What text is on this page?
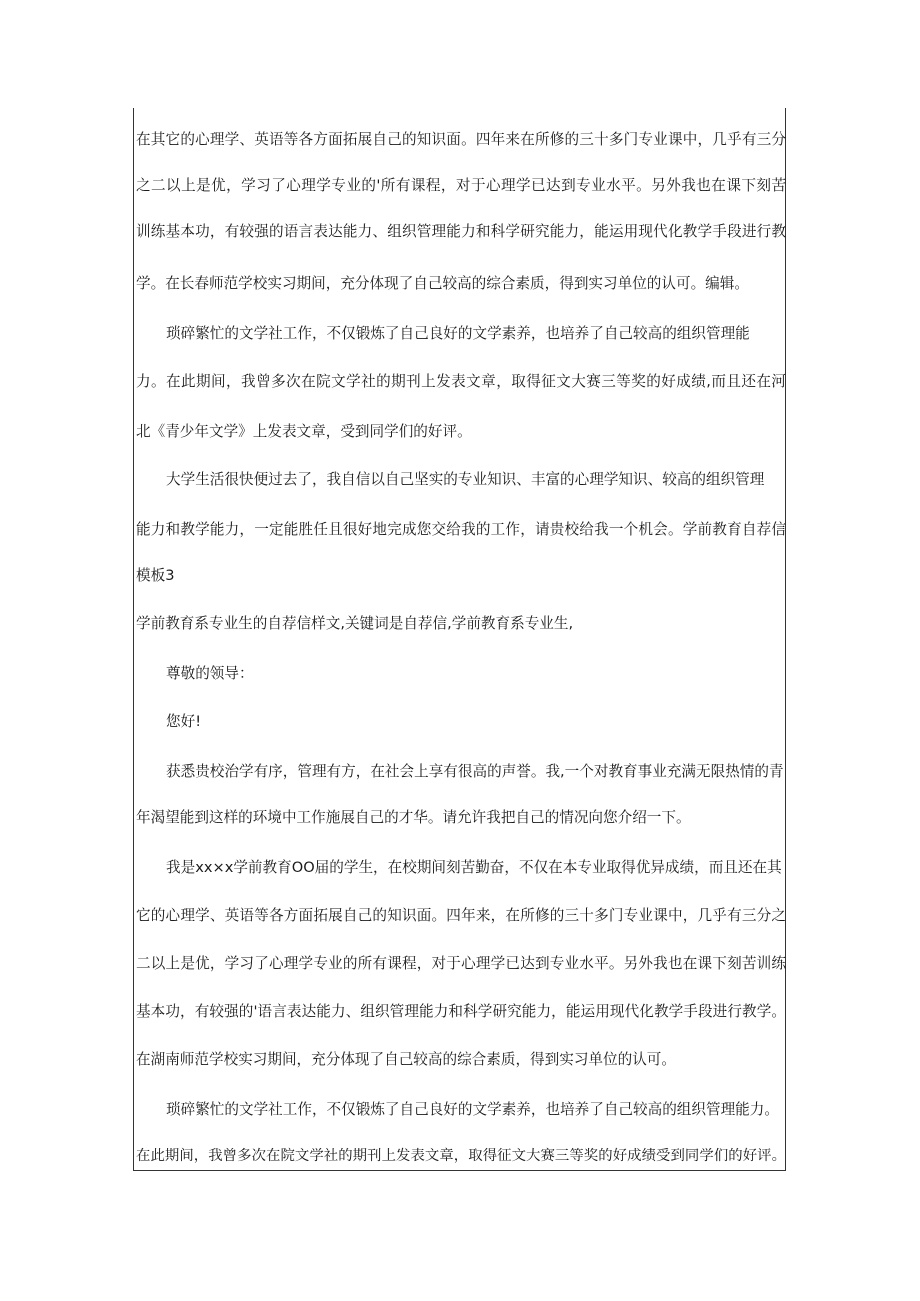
在其它的心理学、英语等各方面拓展自己的知识面。四年来在所修的三十多门专业课中，几乎有三分
之二以上是优，学习了心理学专业的'所有课程，对于心理学已达到专业水平。另外我也在课下刻苦
训练基本功，有较强的语言表达能力、组织管理能力和科学研究能力，能运用现代化教学手段进行教
学。在长春师范学校实习期间，充分体现了自己较高的综合素质，得到实习单位的认可。编辑。
琐碎繁忙的文学社工作，不仅锻炼了自己良好的文学素养，也培养了自己较高的组织管理能
力。在此期间，我曾多次在院文学社的期刊上发表文章，取得征文大赛三等奖的好成绩,而且还在河
北《青少年文学》上发表文章，受到同学们的好评。
大学生活很快便过去了，我自信以自己坚实的专业知识、丰富的心理学知识、较高的组织管理
能力和教学能力，一定能胜任且很好地完成您交给我的工作，请贵校给我一个机会。学前教育自荐信
模板3
学前教育系专业生的自荐信样文,关键词是自荐信,学前教育系专业生,
尊敬的领导：
您好!
获悉贵校治学有序，管理有方，在社会上享有很高的声誉。我,一个对教育事业充满无限热情的青
年渴望能到这样的环境中工作施展自己的才华。请允许我把自己的情况向您介绍一下。
我是xx×x学前教育OO届的学生，在校期间刻苦勤奋，不仅在本专业取得优异成绩，而且还在其
它的心理学、英语等各方面拓展自己的知识面。四年来，在所修的三十多门专业课中，几乎有三分之
二以上是优，学习了心理学专业的所有课程，对于心理学已达到专业水平。另外我也在课下刻苦训练
基本功，有较强的'语言表达能力、组织管理能力和科学研究能力，能运用现代化教学手段进行教学。
在湖南师范学校实习期间，充分体现了自己较高的综合素质，得到实习单位的认可。
琐碎繁忙的文学社工作，不仅锻炼了自己良好的文学素养，也培养了自己较高的组织管理能力。
在此期间，我曾多次在院文学社的期刊上发表文章，取得征文大赛三等奖的好成绩受到同学们的好评。
